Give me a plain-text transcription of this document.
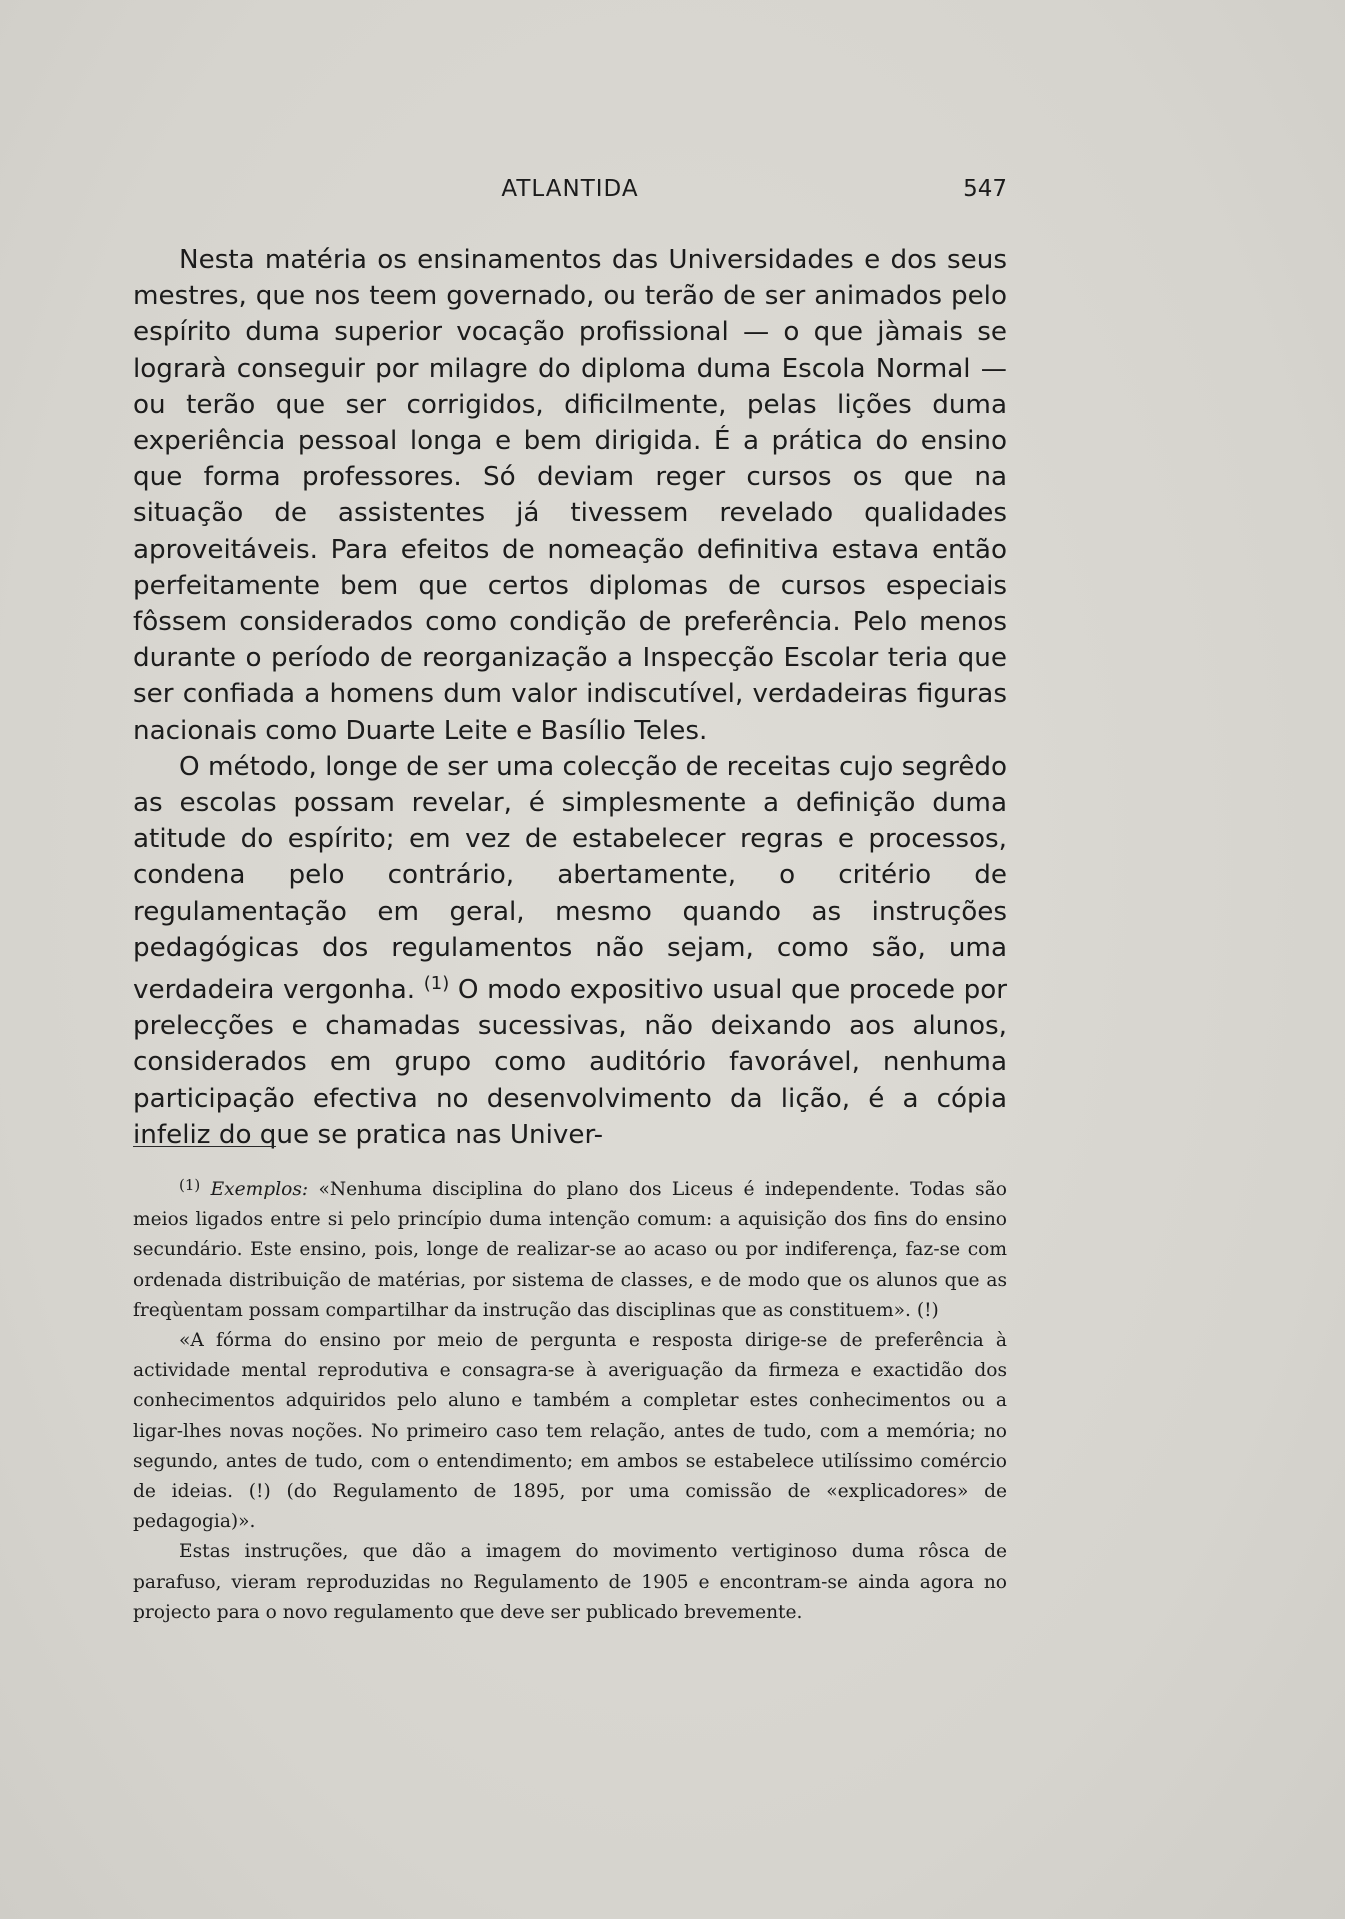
ATLANTIDA	547

Nesta matéria os ensinamentos das Universidades e dos seus mestres, que nos teem governado, ou terão de ser animados pelo espírito duma superior vocação profissional — o que jàmais se lograrà conseguir por milagre do diploma duma Escola Normal — ou terão que ser corrigidos, dificilmente, pelas lições duma experiência pessoal longa e bem dirigida. É a prática do ensino que forma professores. Só deviam reger cursos os que na situação de assistentes já tivessem revelado qualidades aproveitáveis. Para efeitos de nomeação definitiva estava então perfeitamente bem que certos diplomas de cursos especiais fôssem considerados como condição de preferência. Pelo menos durante o período de reorganização a Inspecção Escolar teria que ser confiada a homens dum valor indiscutível, verdadeiras figuras nacionais como Duarte Leite e Basílio Teles.

O método, longe de ser uma colecção de receitas cujo segrêdo as escolas possam revelar, é simplesmente a definição duma atitude do espírito; em vez de estabelecer regras e processos, condena pelo contrário, abertamente, o critério de regulamentação em geral, mesmo quando as instruções pedagógicas dos regulamentos não sejam, como são, uma verdadeira vergonha. $^{(1)}$ O modo expositivo usual que procede por prelecções e chamadas sucessivas, não deixando aos alunos, considerados em grupo como auditório favorável, nenhuma participação efectiva no desenvolvimento da lição, é a cópia infeliz do que se pratica nas Univer-

$^{(1)}$ Exemplos: «Nenhuma disciplina do plano dos Liceus é independente. Todas são meios ligados entre si pelo princípio duma intenção comum: a aquisição dos fins do ensino secundário. Este ensino, pois, longe de realizar-se ao acaso ou por indiferença, faz-se com ordenada distribuição de matérias, por sistema de classes, e de modo que os alunos que as freqùentam possam compartilhar da instrução das disciplinas que as constituem». (!)

«A fórma do ensino por meio de pergunta e resposta dirige-se de preferência à actividade mental reprodutiva e consagra-se à averiguação da firmeza e exactidão dos conhecimentos adquiridos pelo aluno e também a completar estes conhecimentos ou a ligar-lhes novas noções. No primeiro caso tem relação, antes de tudo, com a memória; no segundo, antes de tudo, com o entendimento; em ambos se estabelece utilíssimo comércio de ideias. (!) (do Regulamento de 1895, por uma comissão de «explicadores» de pedagogia)».

Estas instruções, que dão a imagem do movimento vertiginoso duma rôsca de parafuso, vieram reproduzidas no Regulamento de 1905 e encontram-se ainda agora no projecto para o novo regulamento que deve ser publicado brevemente.
